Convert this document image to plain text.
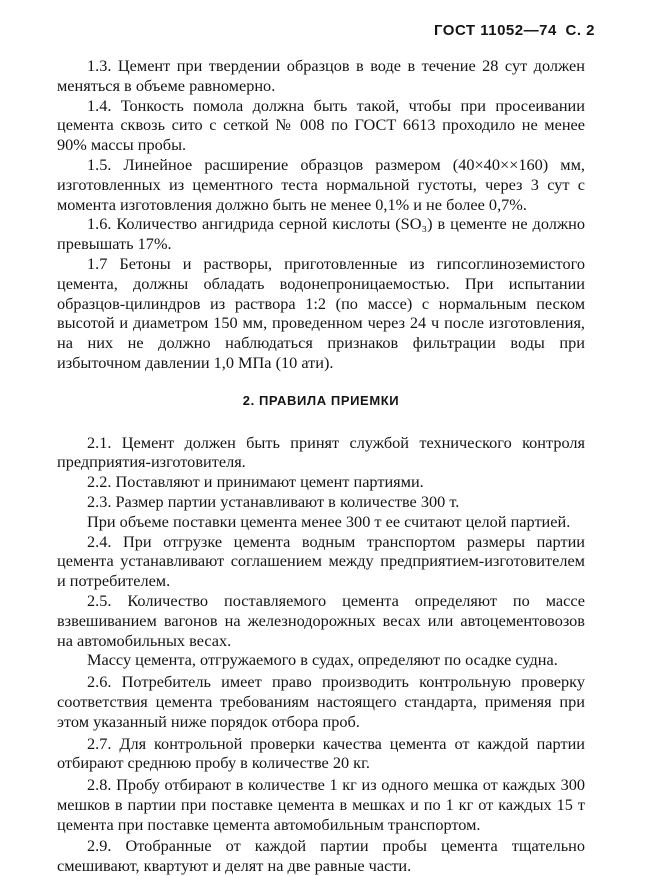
ГОСТ 11052—74 С. 2

1.3. Цемент при твердении образцов в воде в течение 28 сут должен меняться в объеме равномерно.

1.4. Тонкость помола должна быть такой, чтобы при просеивании цемента сквозь сито с сеткой № 008 по ГОСТ 6613 проходило не менее 90% массы пробы.

1.5. Линейное расширение образцов размером (40×40××160) мм, изготовленных из цементного теста нормальной густоты, через 3 сут с момента изготовления должно быть не менее 0,1% и не более 0,7%.

1.6. Количество ангидрида серной кислоты (SO₃) в цементе не должно превышать 17%.

1.7 Бетоны и растворы, приготовленные из гипсоглиноземистого цемента, должны обладать водонепроницаемостью. При испытании образцов-цилиндров из раствора 1:2 (по массе) с нормальным песком высотой и диаметром 150 мм, проведенном через 24 ч после изготовления, на них не должно наблюдаться признаков фильтрации воды при избыточном давлении 1,0 МПа (10 ати).

2. ПРАВИЛА ПРИЕМКИ

2.1. Цемент должен быть принят службой технического контроля предприятия-изготовителя.

2.2. Поставляют и принимают цемент партиями.

2.3. Размер партии устанавливают в количестве 300 т.

При объеме поставки цемента менее 300 т ее считают целой партией.

2.4. При отгрузке цемента водным транспортом размеры партии цемента устанавливают соглашением между предприятием-изготовителем и потребителем.

2.5. Количество поставляемого цемента определяют по массе взвешиванием вагонов на железнодорожных весах или автоцементовозов на автомобильных весах.

Массу цемента, отгружаемого в судах, определяют по осадке судна.

2.6. Потребитель имеет право производить контрольную проверку соответствия цемента требованиям настоящего стандарта, применяя при этом указанный ниже порядок отбора проб.

2.7. Для контрольной проверки качества цемента от каждой партии отбирают среднюю пробу в количестве 20 кг.

2.8. Пробу отбирают в количестве 1 кг из одного мешка от каждых 300 мешков в партии при поставке цемента в мешках и по 1 кг от каждых 15 т цемента при поставке цемента автомобильным транспортом.

2.9. Отобранные от каждой партии пробы цемента тщательно смешивают, квартуют и делят на две равные части.
